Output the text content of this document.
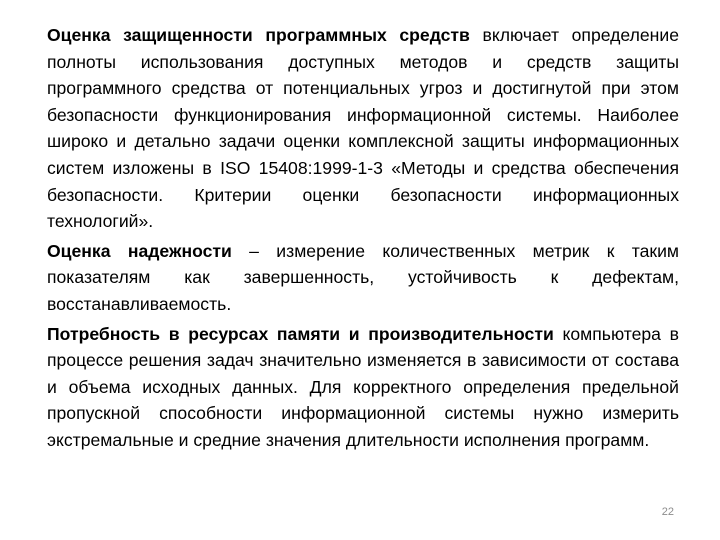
Оценка защищенности программных средств включает определение полноты использования доступных методов и средств защиты программного средства от потенциальных угроз и достигнутой при этом безопасности функционирования информационной системы. Наиболее широко и детально задачи оценки комплексной защиты информационных систем изложены в ISO 15408:1999-1-3 «Методы и средства обеспечения безопасности. Критерии оценки безопасности информационных технологий».

Оценка надежности – измерение количественных метрик к таким показателям как завершенность, устойчивость к дефектам, восстанавливаемость.

Потребность в ресурсах памяти и производительности компьютера в процессе решения задач значительно изменяется в зависимости от состава и объема исходных данных. Для корректного определения предельной пропускной способности информационной системы нужно измерить экстремальные и средние значения длительности исполнения программ.

22
